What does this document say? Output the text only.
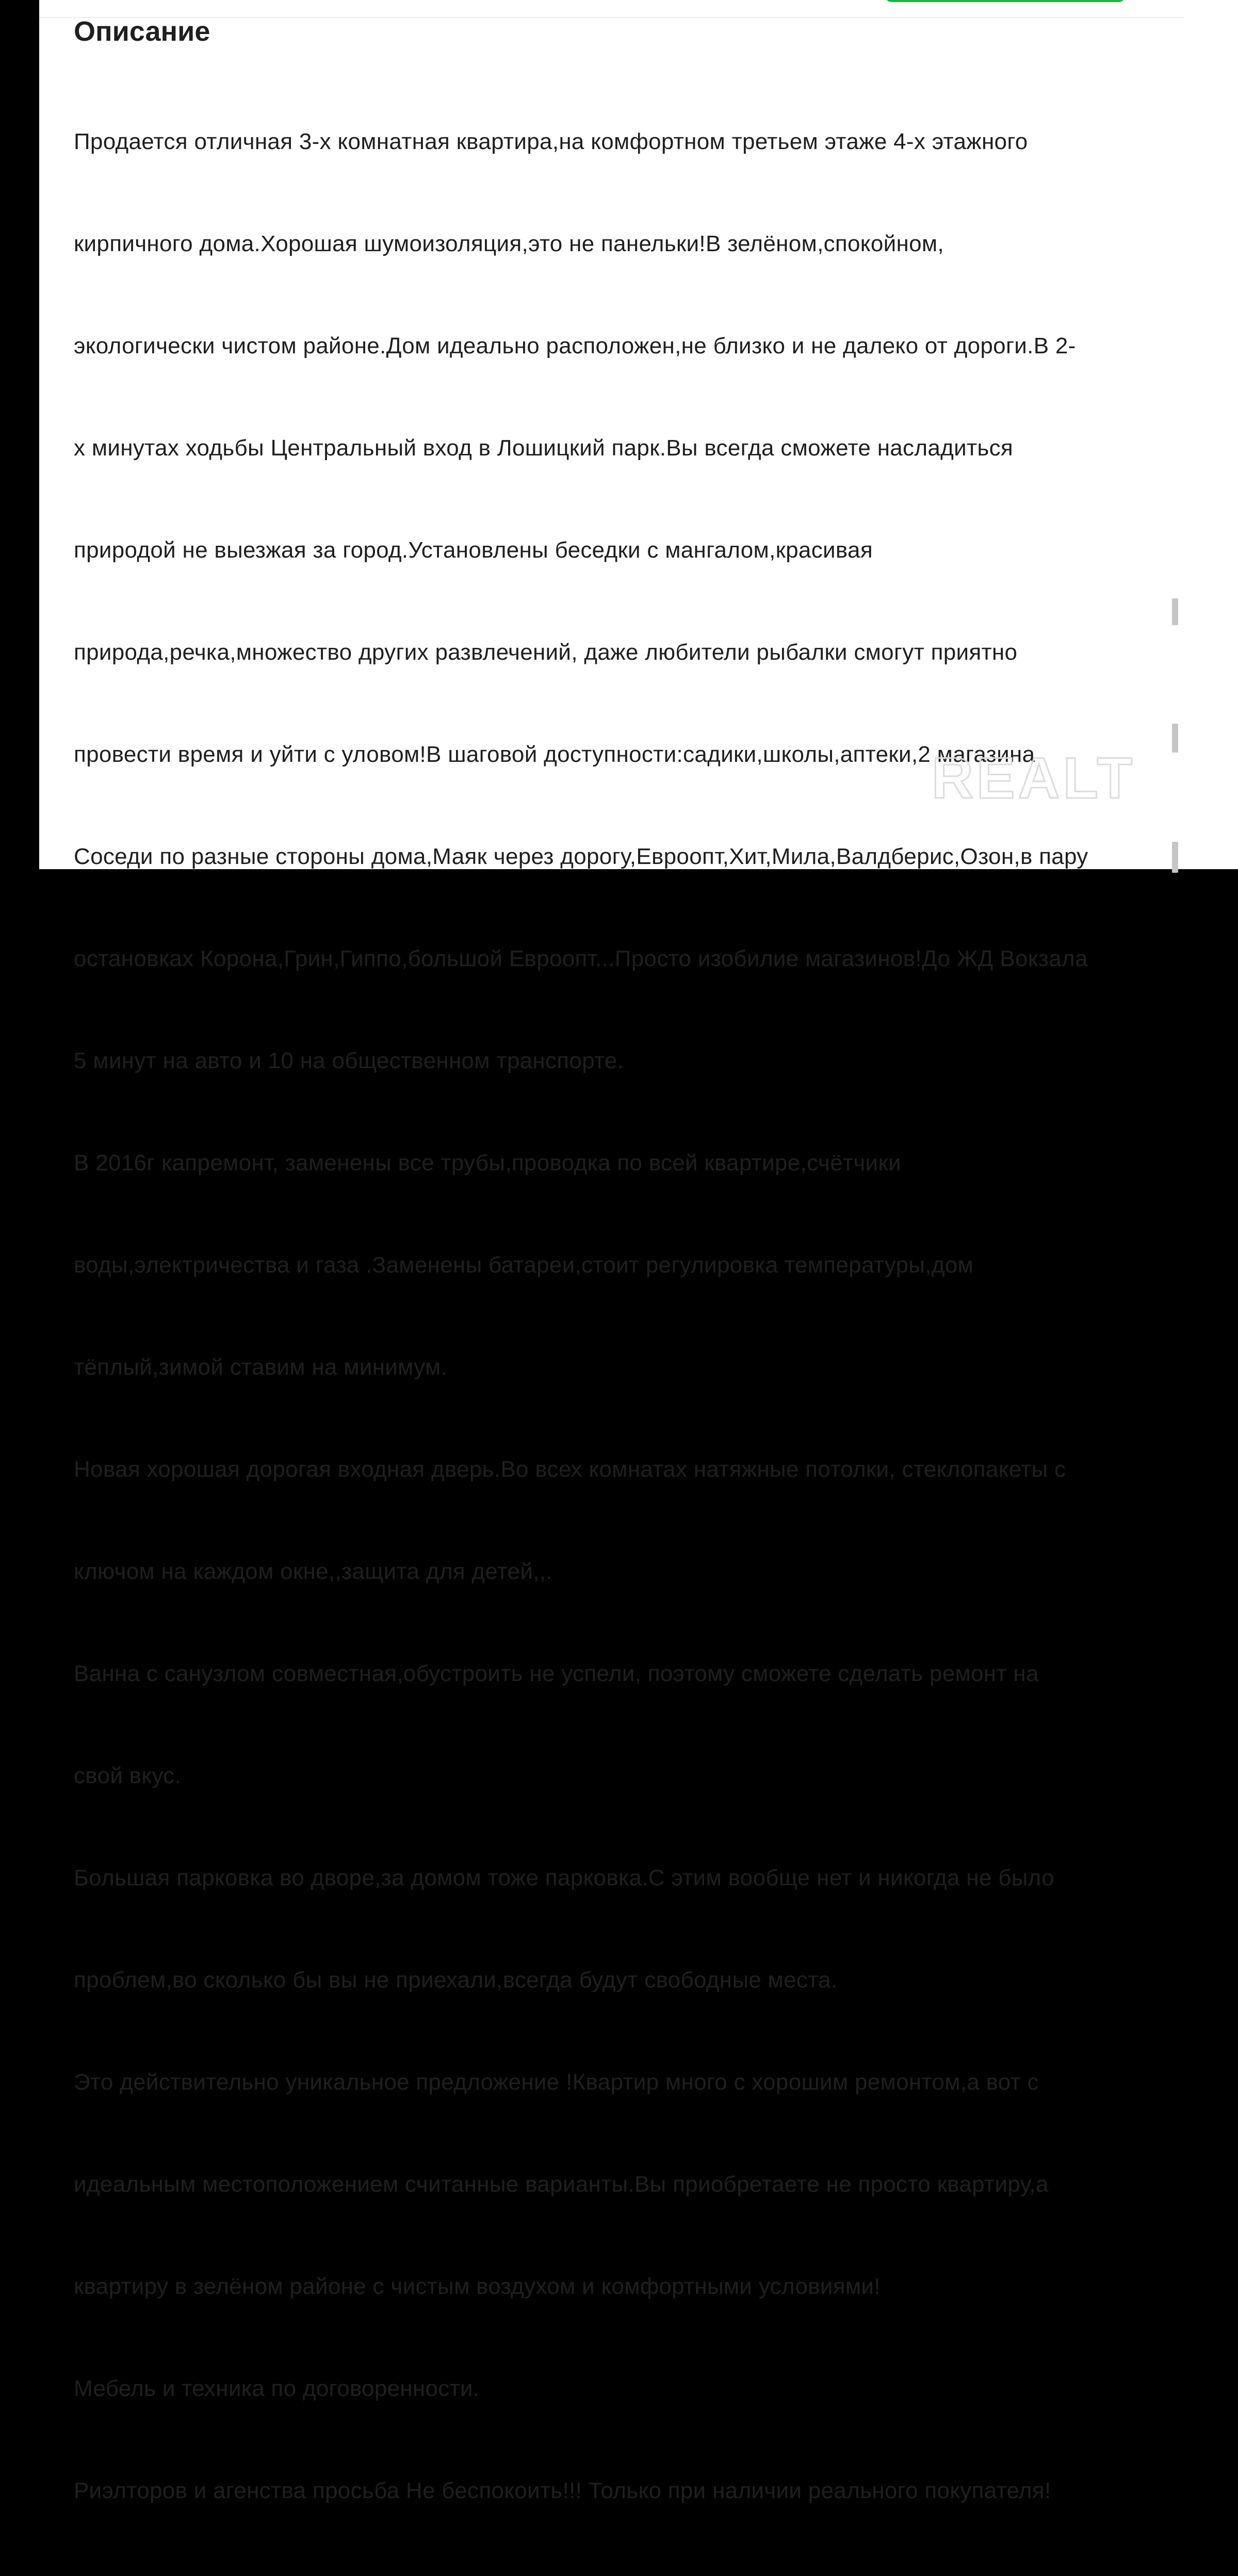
Описание

Продается отличная 3-х комнатная квартира,на комфортном третьем этаже 4-х этажного

кирпичного дома.Хорошая шумоизоляция,это не панельки!В зелёном,спокойном,

экологически чистом районе.Дом идеально расположен,не близко и не далеко от дороги.В 2-

х минутах ходьбы Центральный вход в Лошицкий парк.Вы всегда сможете насладиться

природой не выезжая за город.Установлены беседки с мангалом,красивая

природа,речка,множество других развлечений, даже любители рыбалки смогут приятно

провести время и уйти с уловом!В шаговой доступности:садики,школы,аптеки,2 магазина

Соседи по разные стороны дома,Маяк через дорогу,Евроопт,Хит,Мила,Валдберис,Озон,в пару

остановках Корона,Грин,Гиппо,большой Евроопт...Просто изобилие магазинов!До ЖД Вокзала

5 минут на авто и 10 на общественном транспорте.

В 2016г капремонт, заменены все трубы,проводка по всей квартире,счётчики

воды,электричества и газа .Заменены батареи,стоит регулировка температуры,дом

тёплый,зимой ставим на минимум.

Новая хорошая дорогая входная дверь.Во всех комнатах натяжные потолки, стеклопакеты с

ключом на каждом окне,,защита для детей,,.

Ванна с санузлом совместная,обустроить не успели, поэтому сможете сделать ремонт на

свой вкус.

Большая парковка во дворе,за домом тоже парковка.С этим вообще нет и никогда не было

проблем,во сколько бы вы не приехали,всегда будут свободные места.

Это действительно уникальное предложение !Квартир много с хорошим ремонтом,а вот с

идеальным местоположением считанные варианты.Вы приобретаете не просто квартиру,а

квартиру в зелёном районе с чистым воздухом и комфортными условиями!

Мебель и техника по договоренности.

Риэлторов и агенства просьба Не беспокоить!!! Только при наличии реального покупателя!

REALT
